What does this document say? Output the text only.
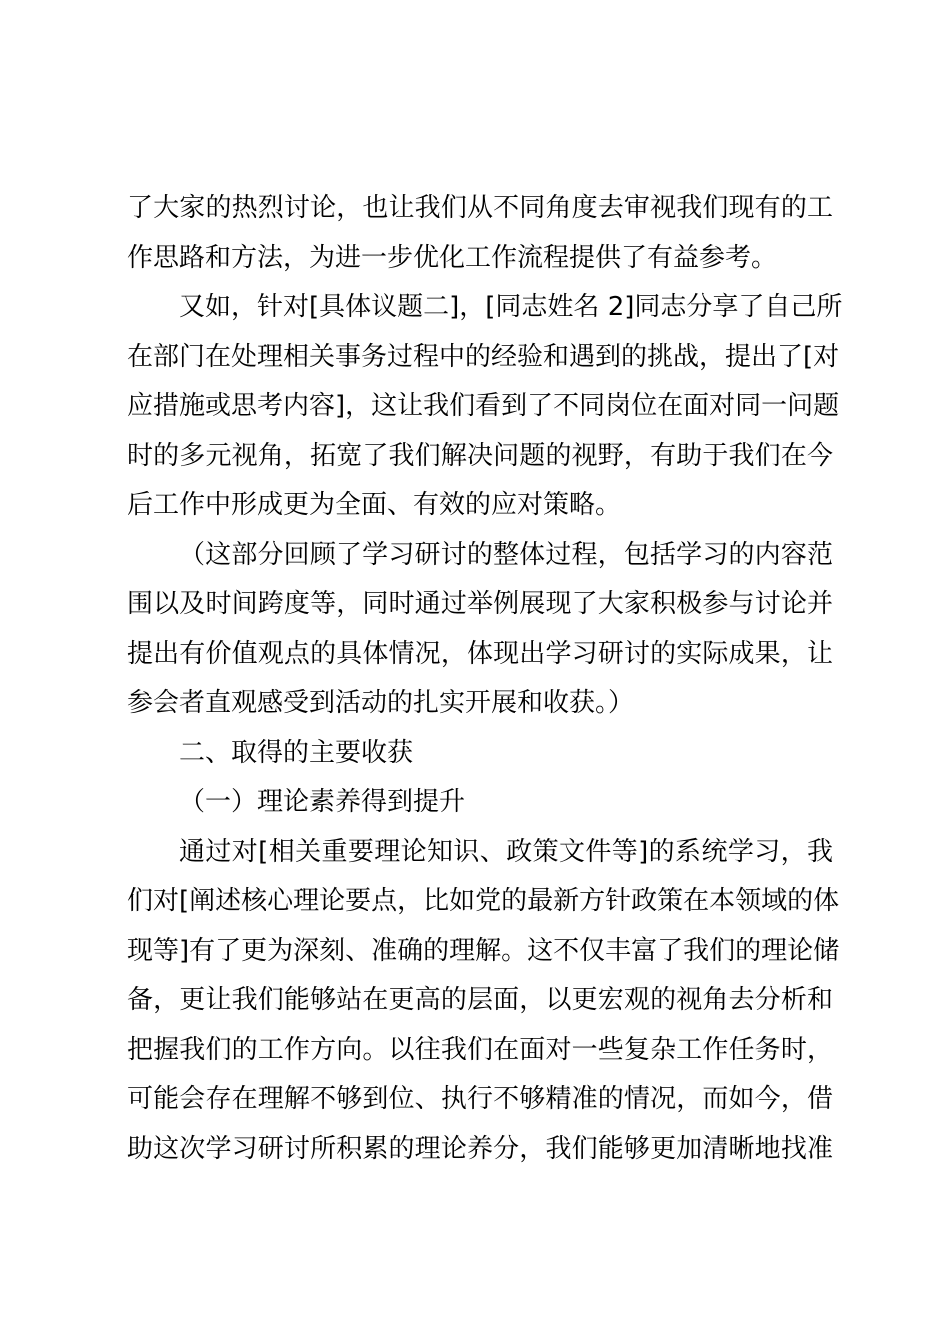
了大家的热烈讨论，也让我们从不同角度去审视我们现有的工
作思路和方法，为进一步优化工作流程提供了有益参考。
又如，针对[具体议题二]，[同志姓名 2]同志分享了自己所
在部门在处理相关事务过程中的经验和遇到的挑战，提出了[对
应措施或思考内容]，这让我们看到了不同岗位在面对同一问题
时的多元视角，拓宽了我们解决问题的视野，有助于我们在今
后工作中形成更为全面、有效的应对策略。
（这部分回顾了学习研讨的整体过程，包括学习的内容范
围以及时间跨度等，同时通过举例展现了大家积极参与讨论并
提出有价值观点的具体情况，体现出学习研讨的实际成果，让
参会者直观感受到活动的扎实开展和收获。）
二、取得的主要收获
（一）理论素养得到提升
通过对[相关重要理论知识、政策文件等]的系统学习，我
们对[阐述核心理论要点，比如党的最新方针政策在本领域的体
现等]有了更为深刻、准确的理解。这不仅丰富了我们的理论储
备，更让我们能够站在更高的层面，以更宏观的视角去分析和
把握我们的工作方向。以往我们在面对一些复杂工作任务时，
可能会存在理解不够到位、执行不够精准的情况，而如今，借
助这次学习研讨所积累的理论养分，我们能够更加清晰地找准
